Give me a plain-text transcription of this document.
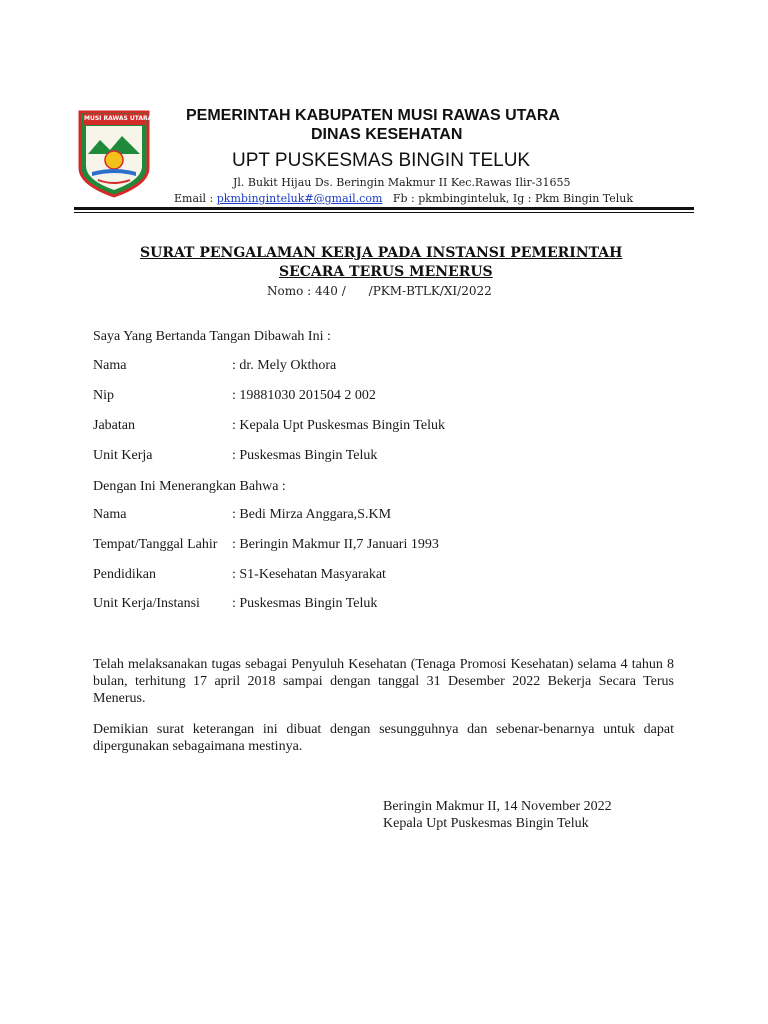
MUSI RAWAS UTARA PEMERINTAH KABUPATEN MUSI RAWAS UTARA
DINAS KESEHATAN
UPT PUSKESMAS BINGIN TELUK
Jl. Bukit Hijau Ds. Beringin Makmur II Kec.Rawas Ilir-31655
Email : pkmbinginteluk#@gmail.com Fb : pkmbinginteluk, Ig : Pkm Bingin Teluk
SURAT PENGALAMAN KERJA PADA INSTANSI PEMERINTAH
SECARA TERUS MENERUS
Nomo : 440 /      /PKM-BTLK/XI/2022
Saya Yang Bertanda Tangan Dibawah Ini :
Nama	: dr. Mely Okthora
Nip	: 19881030 201504 2 002
Jabatan	: Kepala Upt Puskesmas Bingin Teluk
Unit Kerja	: Puskesmas Bingin Teluk
Dengan Ini Menerangkan Bahwa :
Nama	: Bedi Mirza Anggara,S.KM
Tempat/Tanggal Lahir : Beringin Makmur II,7 Januari 1993
Pendidikan	: S1-Kesehatan Masyarakat
Unit Kerja/Instansi : Puskesmas Bingin Teluk
Telah melaksanakan tugas sebagai Penyuluh Kesehatan (Tenaga Promosi Kesehatan) selama 4 tahun 8 bulan, terhitung 17 april 2018 sampai dengan tanggal 31 Desember 2022 Bekerja Secara Terus Menerus.
Demikian surat keterangan ini dibuat dengan sesungguhnya dan sebenar-benarnya untuk dapat dipergunakan sebagaimana mestinya.
Beringin Makmur II, 14 November 2022
Kepala Upt Puskesmas Bingin Teluk
